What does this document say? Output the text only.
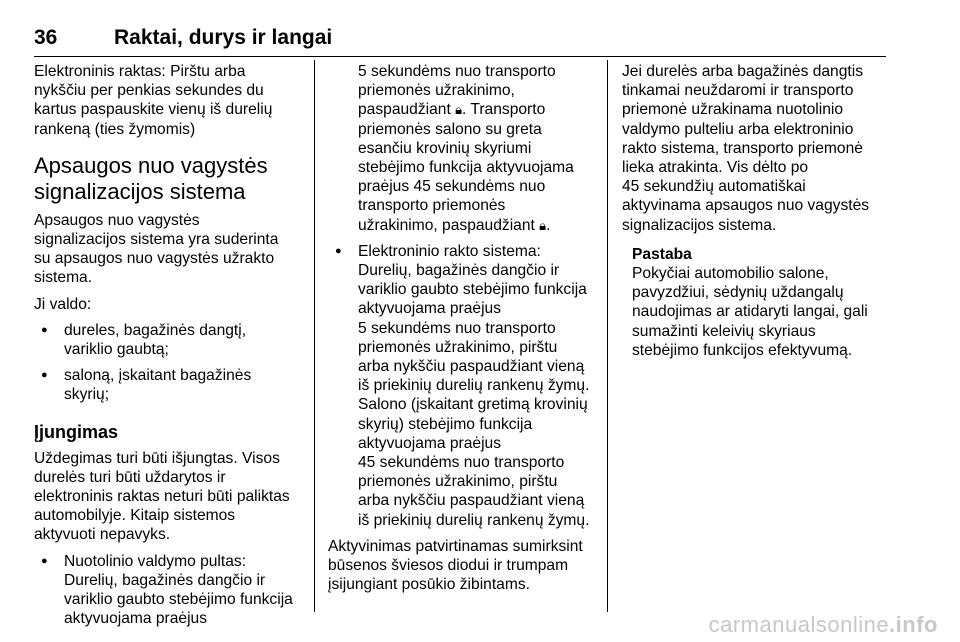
36	Raktai, durys ir langai

Elektroninis raktas: Pirštu arba
nykščiu per penkias sekundes du
kartus paspauskite vienų iš durelių
rankeną (ties žymomis)

Apsaugos nuo vagystės
signalizacijos sistema

Apsaugos nuo vagystės
signalizacijos sistema yra suderinta
su apsaugos nuo vagystės užrakto
sistema.

Ji valdo:

● dureles, bagažinės dangtį,
variklio gaubtą;
● saloną, įskaitant bagažinės
skyrių;
Įjungimas

Uždegimas turi būti išjungtas. Visos
durelės turi būti uždarytos ir
elektroninis raktas neturi būti paliktas
automobilyje. Kitaip sistemos
aktyvuoti nepavyks.

● Nuotolinio valdymo pultas:
Durelių, bagažinės dangčio ir
variklio gaubto stebėjimo funkcija
aktyvuojama praėjus
5 sekundėms nuo transporto
priemonės užrakinimo,
paspaudžiant 🔒︎. Transporto
priemonės salono su greta
esančiu krovinių skyriumi
stebėjimo funkcija aktyvuojama
praėjus 45 sekundėms nuo
transporto priemonės
užrakinimo, paspaudžiant 🔒︎.
● Elektroninio rakto sistema:
Durelių, bagažinės dangčio ir
variklio gaubto stebėjimo funkcija
aktyvuojama praėjus
5 sekundėms nuo transporto
priemonės užrakinimo, pirštu
arba nykščiu paspaudžiant vieną
iš priekinių durelių rankenų žymų.
Salono (įskaitant gretimą krovinių
skyrių) stebėjimo funkcija
aktyvuojama praėjus
45 sekundėms nuo transporto
priemonės užrakinimo, pirštu
arba nykščiu paspaudžiant vieną
iš priekinių durelių rankenų žymų.

Aktyvinimas patvirtinamas sumirksint
būsenos šviesos diodui ir trumpam
įsijungiant posūkio žibintams.

Jei durelės arba bagažinės dangtis
tinkamai neuždaromi ir transporto
priemonė užrakinama nuotolinio
valdymo pulteliu arba elektroninio
rakto sistema, transporto priemonė
lieka atrakinta. Vis dėlto po
45 sekundžių automatiškai
aktyvinama apsaugos nuo vagystės
signalizacijos sistema.

Pastaba
Pokyčiai automobilio salone,
pavyzdžiui, sėdynių uždangalų
naudojimas ar atidaryti langai, gali
sumažinti keleivių skyriaus
stebėjimo funkcijos efektyvumą.
carmanualsonline.info
